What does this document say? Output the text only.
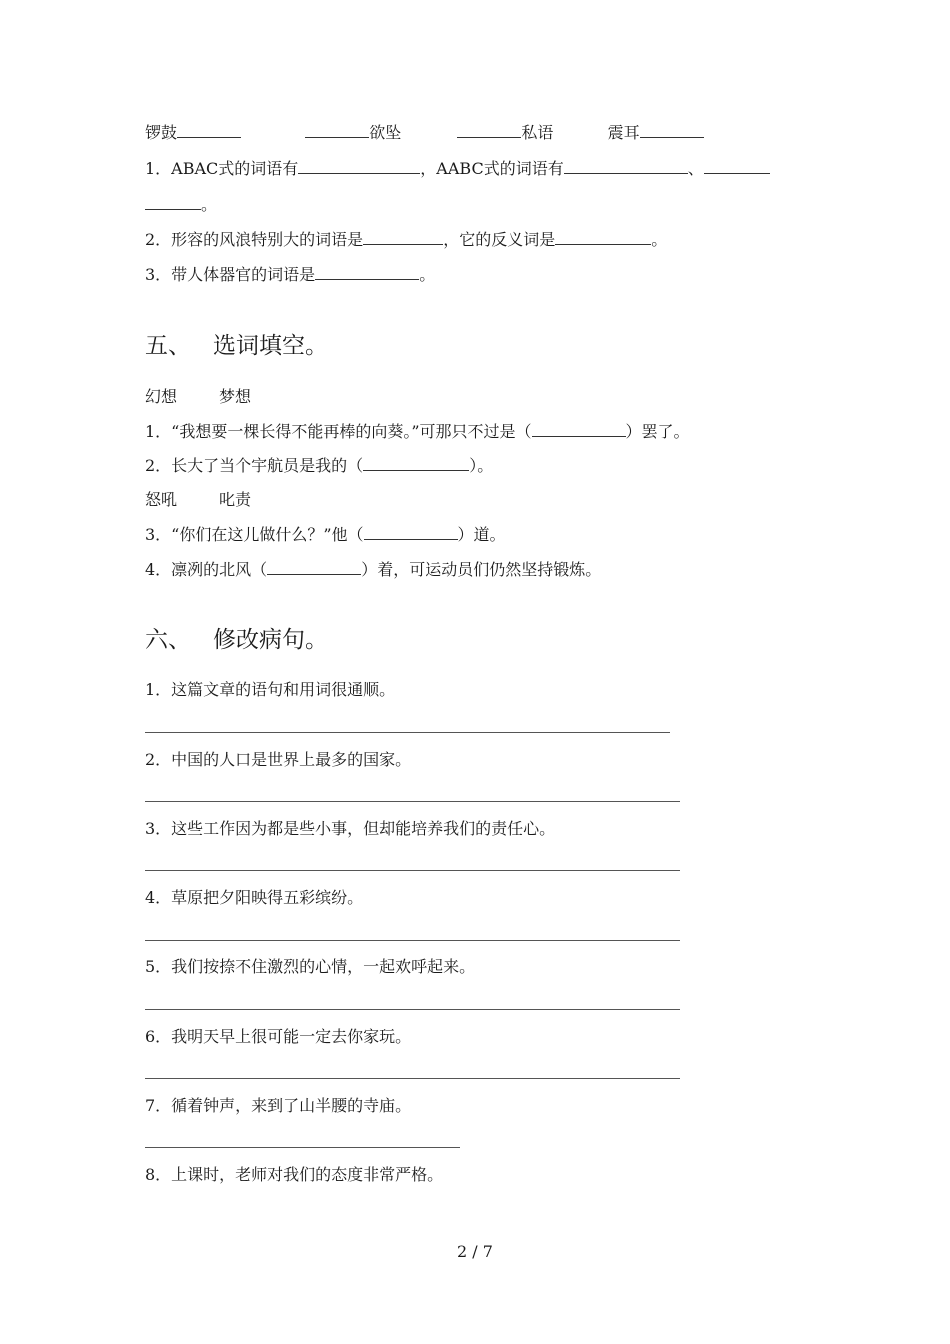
锣鼓	欲坠	私语	震耳
1．ABAC式的词语有	，AABC式的词语有	、
。
2．形容的风浪特别大的词语是	，它的反义词是	。
3．带人体器官的词语是	。
五、 选词填空。
幻想	梦想
1．“我想要一棵长得不能再棒的向葵。”可那只不过是（	）罢了。
2．长大了当个宇航员是我的（	）。
怒吼	叱责
3．“你们在这儿做什么？”他（	）道。
4．凛冽的北风（	）着，可运动员们仍然坚持锻炼。
六、 修改病句。
1．这篇文章的语句和用词很通顺。
2．中国的人口是世界上最多的国家。
3．这些工作因为都是些小事，但却能培养我们的责任心。
4．草原把夕阳映得五彩缤纷。
5．我们按捺不住激烈的心情，一起欢呼起来。
6．我明天早上很可能一定去你家玩。
7．循着钟声，来到了山半腰的寺庙。
8．上课时，老师对我们的态度非常严格。
2 / 7
